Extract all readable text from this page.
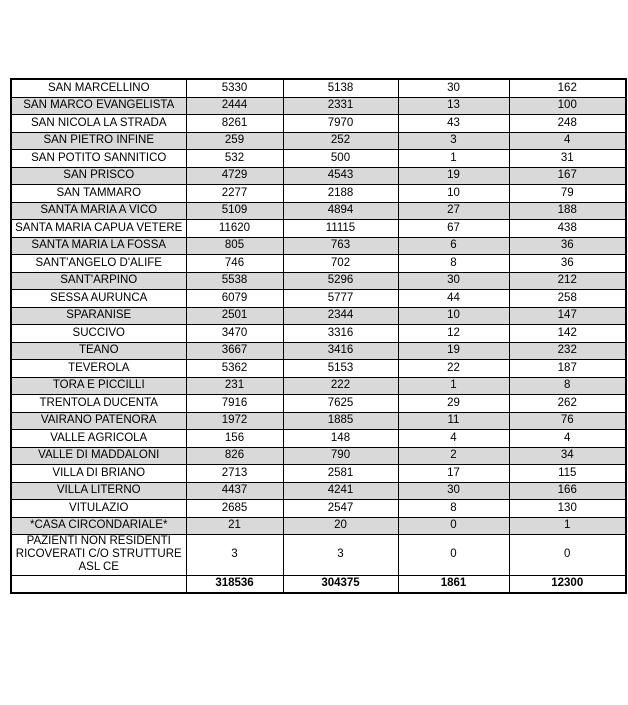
SAN MARCELLINO	5330	5138	30	162
SAN MARCO EVANGELISTA	2444	2331	13	100
SAN NICOLA LA STRADA	8261	7970	43	248
SAN PIETRO INFINE	259	252	3	4
SAN POTITO SANNITICO	532	500	1	31
SAN PRISCO	4729	4543	19	167
SAN TAMMARO	2277	2188	10	79
SANTA MARIA A VICO	5109	4894	27	188
SANTA MARIA CAPUA VETERE	11620	11115	67	438
SANTA MARIA LA FOSSA	805	763	6	36
SANT'ANGELO D'ALIFE	746	702	8	36
SANT'ARPINO	5538	5296	30	212
SESSA AURUNCA	6079	5777	44	258
SPARANISE	2501	2344	10	147
SUCCIVO	3470	3316	12	142
TEANO	3667	3416	19	232
TEVEROLA	5362	5153	22	187
TORA E PICCILLI	231	222	1	8
TRENTOLA DUCENTA	7916	7625	29	262
VAIRANO PATENORA	1972	1885	11	76
VALLE AGRICOLA	156	148	4	4
VALLE DI MADDALONI	826	790	2	34
VILLA DI BRIANO	2713	2581	17	115
VILLA LITERNO	4437	4241	30	166
VITULAZIO	2685	2547	8	130
*CASA CIRCONDARIALE*	21	20	0	1
PAZIENTI NON RESIDENTI RICOVERATI C/O STRUTTURE ASL CE	3	3	0	0
	318536	304375	1861	12300
